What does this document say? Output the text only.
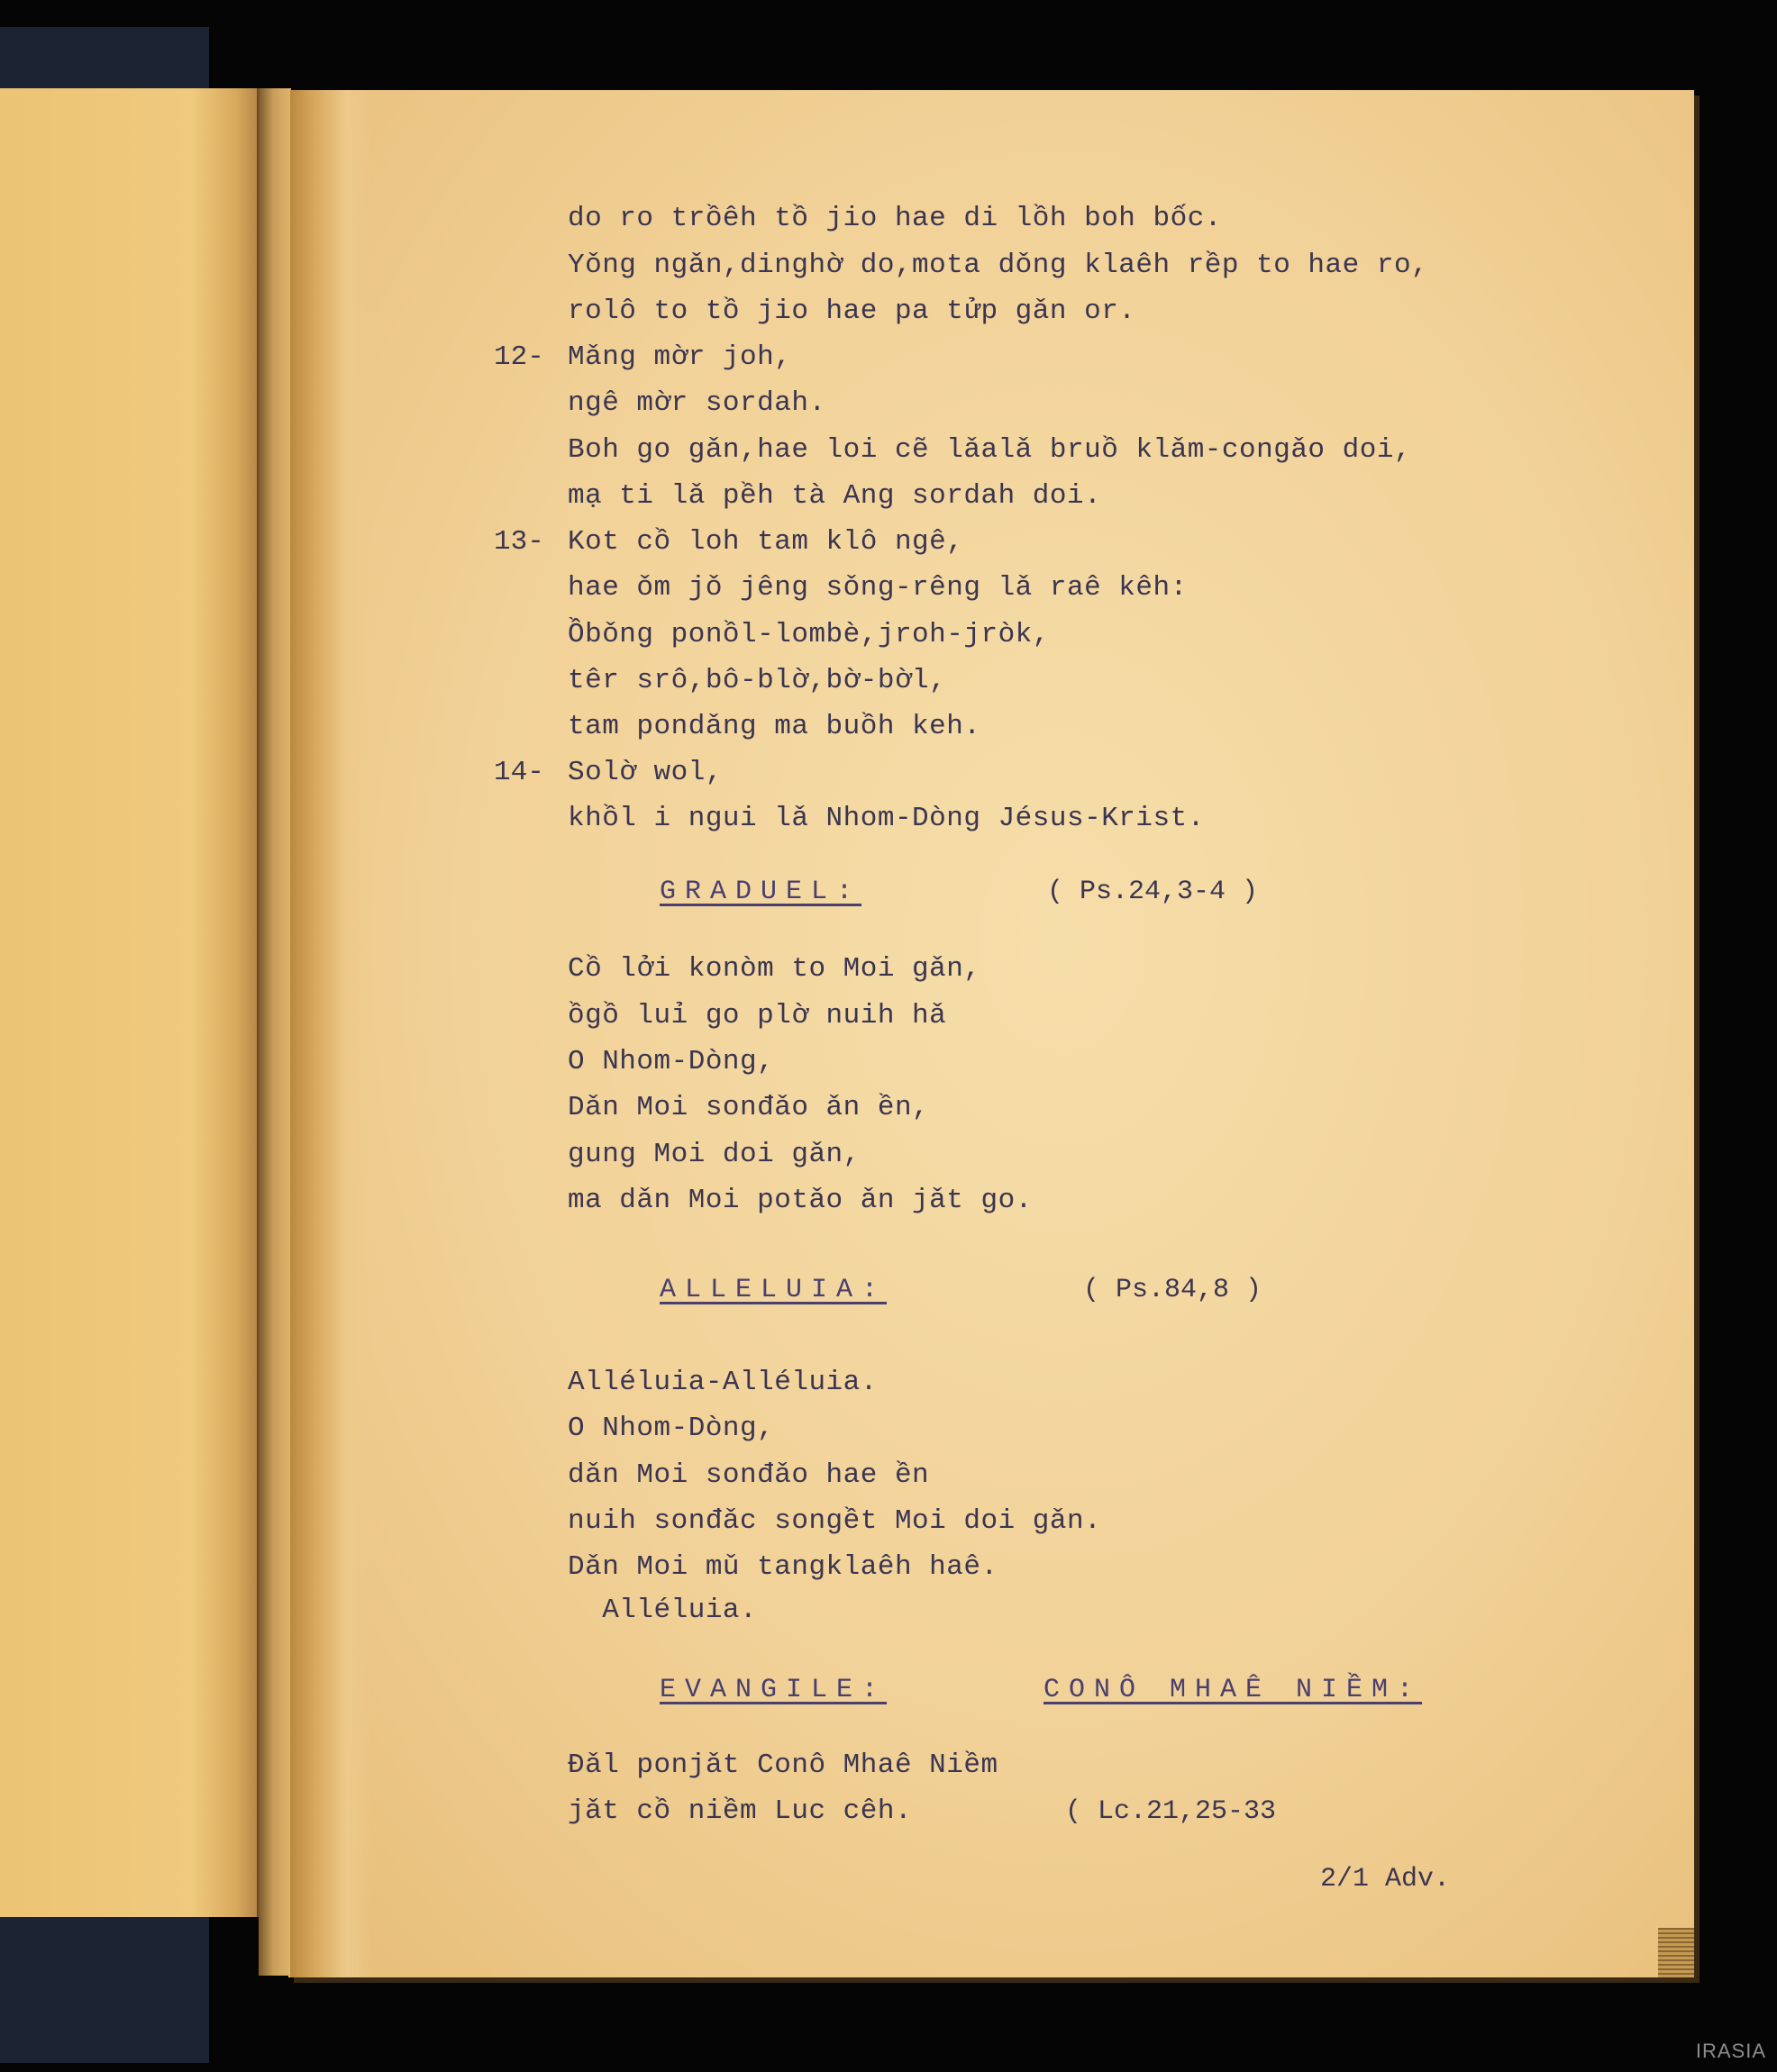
do ro trồêh tồ jio hae di lồh boh bốc.
Yǒng ngǎn,dinghờ do,mota dǒng klaêh rềp to hae ro,
rolô to tồ jio hae pa tửp gǎn or.
12- Mǎng mờr joh,
ngê mờr sordah.
Boh go gǎn,hae loi cẽ lǎalǎ bruồ klǎm-congǎo doi,
mạ ti lǎ pềh tà Ang sordah doi.
13- Kot cồ loh tam klô ngê,
hae ǒm jǒ jêng sǒng-rêng lǎ raê kêh:
Ồbǒng ponồl-lombè,jroh-jròk,
têr srô,bô-blờ,bờ-bờl,
tam pondǎng ma buồh keh.
14- Solờ wol,
khồl i ngui lǎ Nhom-Dòng Jésus-Krist.
GRADUEL:	( Ps.24,3-4 )
Cồ lởi konòm to Moi gǎn,
ồgồ luỉ go plờ nuih hǎ
O Nhom-Dòng,
Dǎn Moi sonđǎo ǎn ền,
gung Moi doi gǎn,
ma dǎn Moi potǎo ǎn jǎt go.
ALLELUIA:	( Ps.84,8 )
Alléluia-Alléluia.
O Nhom-Dòng,
dǎn Moi sonđǎo hae ền
nuih sonđǎc songềt Moi doi gǎn.
Dǎn Moi mǔ tangklaêh haê.
Alléluia.
EVANGILE:	CONÔ MHAÊ NIỀM:
Đǎl ponjǎt Conô Mhaê Niềm
jǎt cồ niềm Luc cêh.	( Lc.21,25-33
2/1 Adv.
IRASIA
